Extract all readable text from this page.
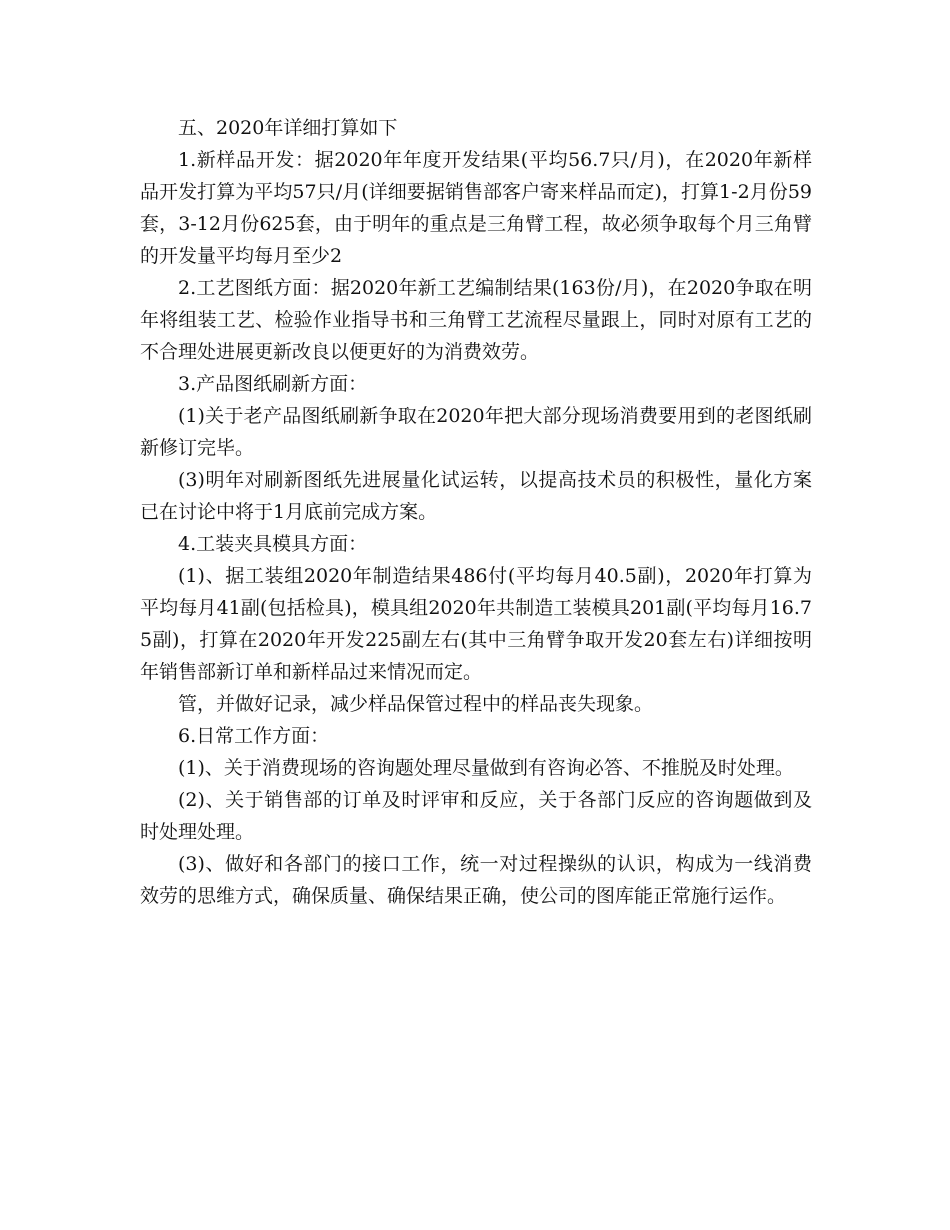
五、2020年详细打算如下

1.新样品开发：据2020年年度开发结果(平均56.7只/月)，在2020年新样品开发打算为平均57只/月(详细要据销售部客户寄来样品而定)，打算1-2月份59套，3-12月份625套，由于明年的重点是三角臂工程，故必须争取每个月三角臂的开发量平均每月至少2

2.工艺图纸方面：据2020年新工艺编制结果(163份/月)，在2020争取在明年将组装工艺、检验作业指导书和三角臂工艺流程尽量跟上，同时对原有工艺的不合理处进展更新改良以便更好的为消费效劳。

3.产品图纸刷新方面：

(1)关于老产品图纸刷新争取在2020年把大部分现场消费要用到的老图纸刷新修订完毕。

(3)明年对刷新图纸先进展量化试运转，以提高技术员的积极性，量化方案已在讨论中将于1月底前完成方案。

4.工装夹具模具方面：

(1)、据工装组2020年制造结果486付(平均每月40.5副)，2020年打算为平均每月41副(包括检具)，模具组2020年共制造工装模具201副(平均每月16.75副)，打算在2020年开发225副左右(其中三角臂争取开发20套左右)详细按明年销售部新订单和新样品过来情况而定。

管，并做好记录，减少样品保管过程中的样品丧失现象。

6.日常工作方面：

(1)、关于消费现场的咨询题处理尽量做到有咨询必答、不推脱及时处理。

(2)、关于销售部的订单及时评审和反应，关于各部门反应的咨询题做到及时处理处理。

(3)、做好和各部门的接口工作，统一对过程操纵的认识，构成为一线消费效劳的思维方式，确保质量、确保结果正确，使公司的图库能正常施行运作。
